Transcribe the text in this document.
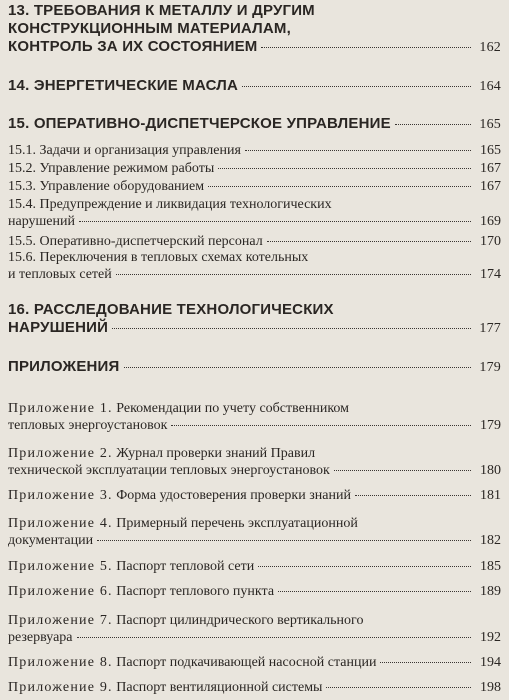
13. ТРЕБОВАНИЯ К МЕТАЛЛУ И ДРУГИМ
КОНСТРУКЦИОННЫМ МАТЕРИАЛАМ,
КОНТРОЛЬ ЗА ИХ СОСТОЯНИЕМ	162
14. ЭНЕРГЕТИЧЕСКИЕ МАСЛА	164
15. ОПЕРАТИВНО-ДИСПЕТЧЕРСКОЕ УПРАВЛЕНИЕ	165
15.1. Задачи и организация управления	165
15.2. Управление режимом работы	167
15.3. Управление оборудованием	167
15.4. Предупреждение и ликвидация технологических
нарушений	169
15.5. Оперативно-диспетчерский персонал	170
15.6. Переключения в тепловых схемах котельных
и тепловых сетей	174
16. РАССЛЕДОВАНИЕ ТЕХНОЛОГИЧЕСКИХ
НАРУШЕНИЙ	177
ПРИЛОЖЕНИЯ	179
Приложение 1. Рекомендации по учету собственником
тепловых энергоустановок	179
Приложение 2. Журнал проверки знаний Правил
технической эксплуатации тепловых энергоустановок	180
Приложение 3. Форма удостоверения проверки знаний	181
Приложение 4. Примерный перечень эксплуатационной
документации	182
Приложение 5. Паспорт тепловой сети	185
Приложение 6. Паспорт теплового пункта	189
Приложение 7. Паспорт цилиндрического вертикального
резервуара	192
Приложение 8. Паспорт подкачивающей насосной станции	194
Приложение 9. Паспорт вентиляционной системы	198
